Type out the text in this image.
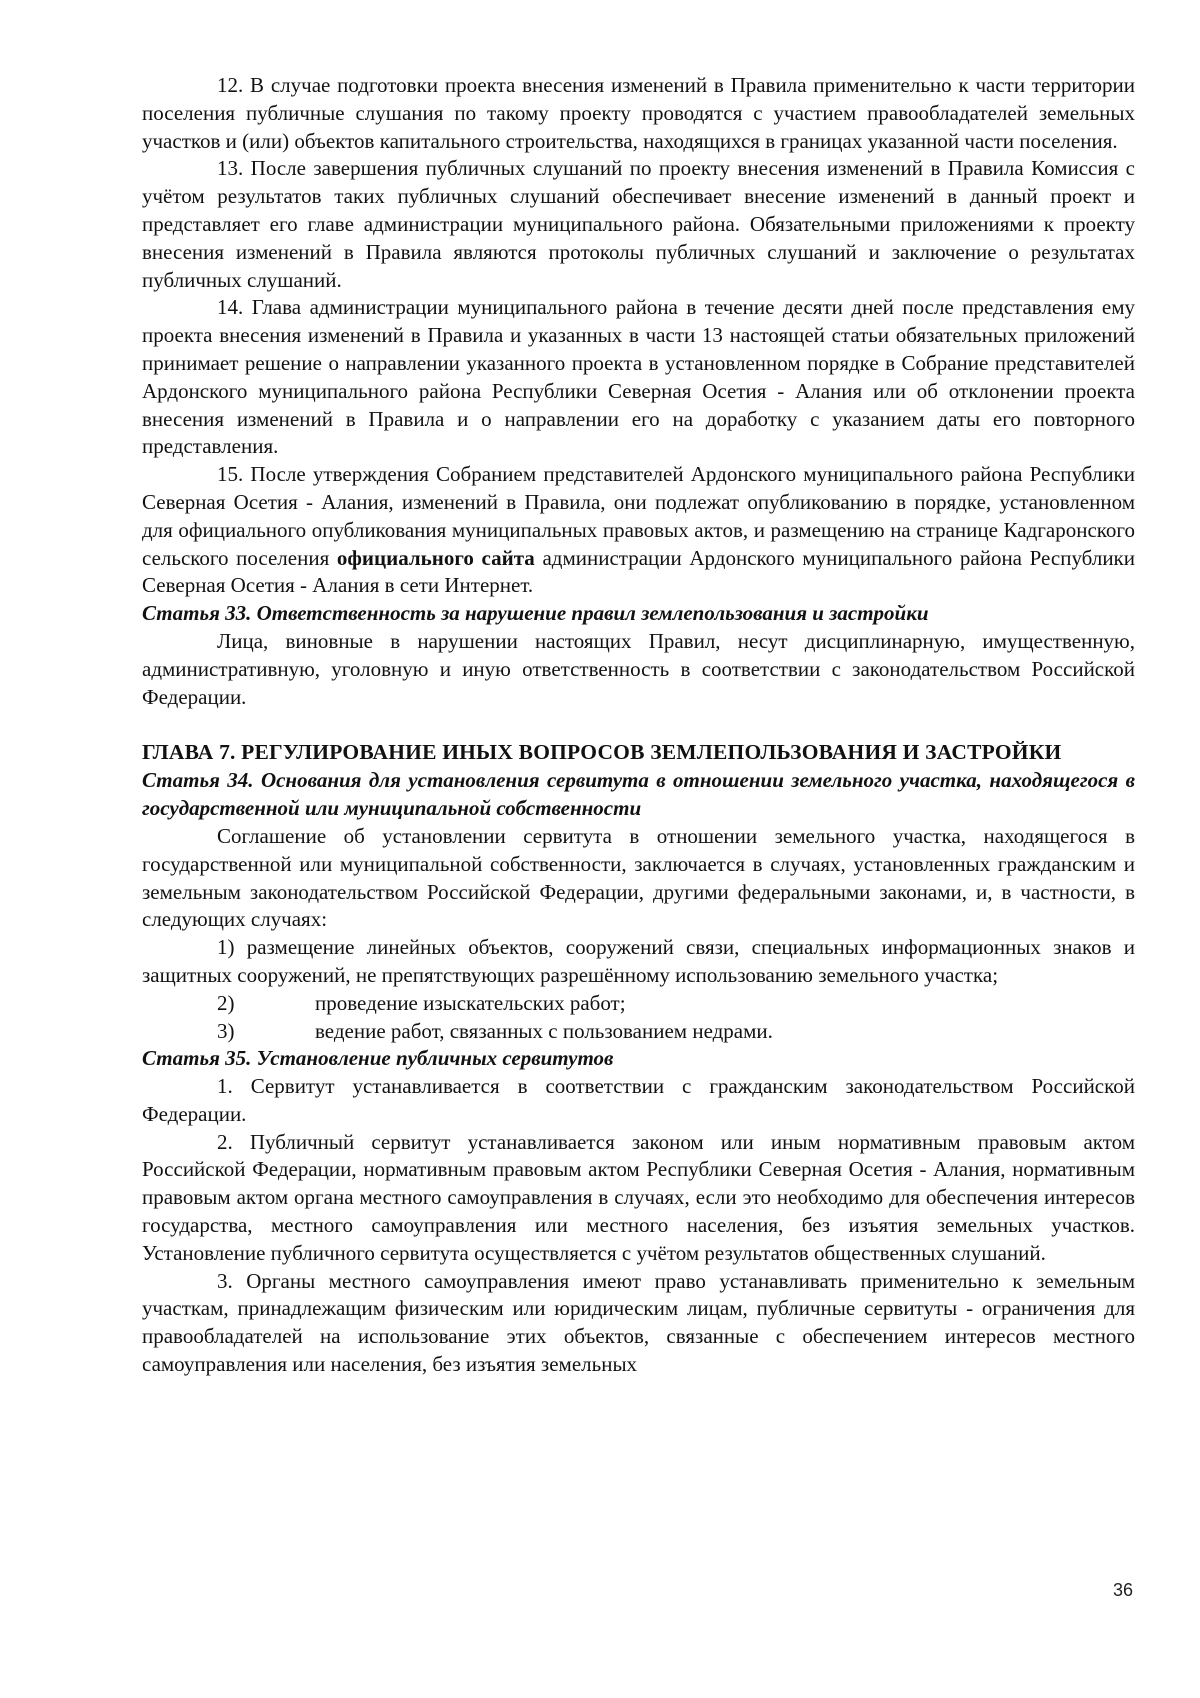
12. В случае подготовки проекта внесения изменений в Правила применительно к части территории поселения публичные слушания по такому проекту проводятся с участием правообладателей земельных участков и (или) объектов капитального строительства, находящихся в границах указанной части поселения.

13. После завершения публичных слушаний по проекту внесения изменений в Правила Комиссия с учётом результатов таких публичных слушаний обеспечивает внесение изменений в данный проект и представляет его главе администрации муниципального района. Обязательными приложениями к проекту внесения изменений в Правила являются протоколы публичных слушаний и заключение о результатах публичных слушаний.

14. Глава администрации муниципального района в течение десяти дней после представления ему проекта внесения изменений в Правила и указанных в части 13 настоящей статьи обязательных приложений принимает решение о направлении указанного проекта в установленном порядке в Собрание представителей Ардонского муниципального района Республики Северная Осетия - Алания или об отклонении проекта внесения изменений в Правила и о направлении его на доработку с указанием даты его повторного представления.

15. После утверждения Собранием представителей Ардонского муниципального района Республики Северная Осетия - Алания, изменений в Правила, они подлежат опубликованию в порядке, установленном для официального опубликования муниципальных правовых актов, и размещению на странице Кадгаронского сельского поселения официального сайта администрации Ардонского муниципального района Республики Северная Осетия - Алания в сети Интернет.

Статья 33. Ответственность за нарушение правил землепользования и застройки

Лица, виновные в нарушении настоящих Правил, несут дисциплинарную, имущественную, административную, уголовную и иную ответственность в соответствии с законодательством Российской Федерации.

ГЛАВА 7. РЕГУЛИРОВАНИЕ ИНЫХ ВОПРОСОВ ЗЕМЛЕПОЛЬЗОВАНИЯ И ЗАСТРОЙКИ

Статья 34. Основания для установления сервитута в отношении земельного участка, находящегося в государственной или муниципальной собственности

Соглашение об установлении сервитута в отношении земельного участка, находящегося в государственной или муниципальной собственности, заключается в случаях, установленных гражданским и земельным законодательством Российской Федерации, другими федеральными законами, и, в частности, в следующих случаях:

1) размещение линейных объектов, сооружений связи, специальных информационных знаков и защитных сооружений, не препятствующих разрешённому использованию земельного участка;

2)	проведение изыскательских работ;
3)	ведение работ, связанных с пользованием недрами.

Статья 35. Установление публичных сервитутов

1. Сервитут устанавливается в соответствии с гражданским законодательством Российской Федерации.

2. Публичный сервитут устанавливается законом или иным нормативным правовым актом Российской Федерации, нормативным правовым актом Республики Северная Осетия - Алания, нормативным правовым актом органа местного самоуправления в случаях, если это необходимо для обеспечения интересов государства, местного самоуправления или местного населения, без изъятия земельных участков. Установление публичного сервитута осуществляется с учётом результатов общественных слушаний.

3. Органы местного самоуправления имеют право устанавливать применительно к земельным участкам, принадлежащим физическим или юридическим лицам, публичные сервитуты - ограничения для правообладателей на использование этих объектов, связанные с обеспечением интересов местного самоуправления или населения, без изъятия земельных

36
